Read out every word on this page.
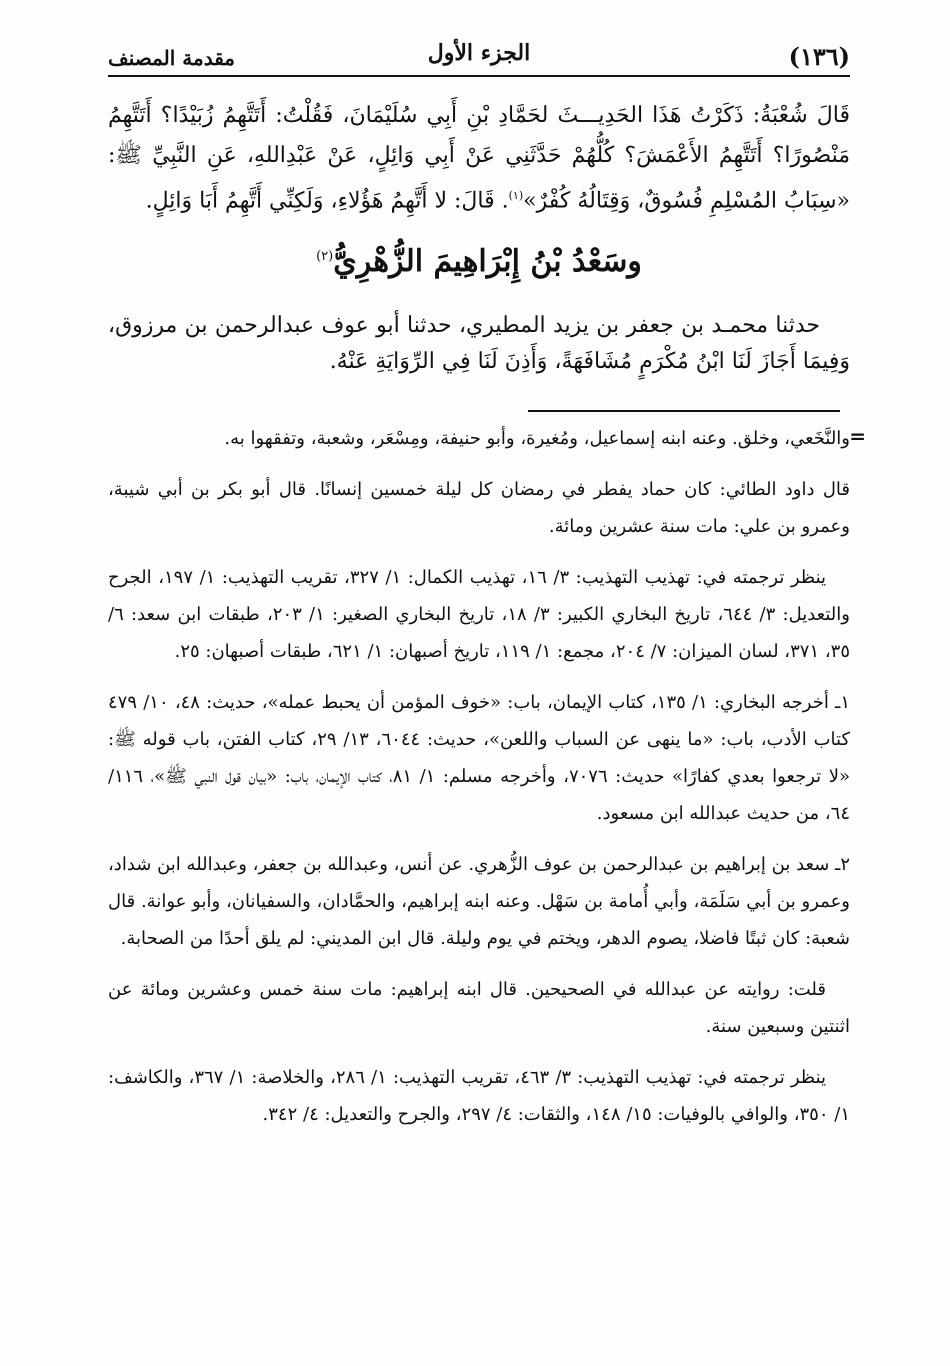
(١٣٦)
الجزء الأول
مقدمة المصنف

قَالَ شُعْبَةُ: ذَكَرْتُ هَذَا الحَدِيـــثَ لحَمَّادِ بْنِ أَبِي سُلَيْمَانَ، فَقُلْتُ: أَتَتَّهِمُ زُبَيْدًا؟ أَتَتَّهِمُ مَنْصُورًا؟ أَتَتَّهِمُ الأَعْمَشَ؟ كُلُّهُمْ حَدَّثَنِي عَنْ أَبِي وَائِلٍ، عَنْ عَبْدِاللهِ، عَنِ النَّبِيِّ ﷺ: «سِبَابُ المُسْلِمِ فُسُوقٌ، وَقِتَالُهُ كُفْرٌ»$^{(١)}$. قَالَ: لا أَتَّهِمُ هَؤُلاءِ، وَلَكِنِّي أَتَّهِمُ أَبَا وَائِلٍ.

وسَعْدُ بْنُ إِبْرَاهِيمَ الزُّهْرِيُّ$^{(٢)}$

حدثنا محمـد بن جعفر بن يزيد المطيري، حدثنا أبو عوف عبدالرحمن بن مرزوق، وَفِيمَا أَجَازَ لَنَا ابْنُ مُكْرَمٍ مُشَافَهَةً، وَأَذِنَ لَنَا فِي الرِّوَايَةِ عَنْهُ.

=

والنَّخَعي، وخلق. وعنه ابنه إسماعيل، ومُغيرة، وأبو حنيفة، ومِسْعَر، وشعبة، وتفقهوا به.

قال داود الطائي: كان حماد يفطر في رمضان كل ليلة خمسين إنسانًا. قال أبو بكر بن أبي شيبة، وعمرو بن علي: مات سنة عشرين ومائة.

ينظر ترجمته في: تهذيب التهذيب: ٣/ ١٦، تهذيب الكمال: ١/ ٣٢٧، تقريب التهذيب: ١/ ١٩٧، الجرح والتعديل: ٣/ ٦٤٤، تاريخ البخاري الكبير: ٣/ ١٨، تاريخ البخاري الصغير: ١/ ٢٠٣، طبقات ابن سعد: ٦/ ٣٥، ٣٧١، لسان الميزان: ٧/ ٢٠٤، مجمع: ١/ ١١٩، تاريخ أصبهان: ١/ ٦٢١، طبقات أصبهان: ٢٥.

١ـ أخرجه البخاري: ١/ ١٣٥، كتاب الإيمان، باب: «خوف المؤمن أن يحبط عمله»، حديث: ٤٨، ١٠/ ٤٧٩ كتاب الأدب، باب: «ما ينهى عن السباب واللعن»، حديث: ٦٠٤٤، ١٣/ ٢٩، كتاب الفتن، باب قوله ﷺ: «لا ترجعوا بعدي كفارًا» حديث: ٧٠٧٦، وأخرجه مسلم: ١/ ٨١، كتاب الإيمان، باب: «بيان قول النبي ﷺ»، ١١٦/ ٦٤، من حديث عبدالله ابن مسعود.

٢ـ سعد بن إبراهيم بن عبدالرحمن بن عوف الزُّهري. عن أنس، وعبدالله بن جعفر، وعبدالله ابن شداد، وعمرو بن أبي سَلَمَة، وأبي أُمامة بن سَهْل. وعنه ابنه إبراهيم، والحمَّادان، والسفيانان، وأبو عوانة. قال شعبة: كان ثبتًا فاضلا، يصوم الدهر، ويختم في يوم وليلة. قال ابن المديني: لم يلق أحدًا من الصحابة.

قلت: روايته عن عبدالله في الصحيحين. قال ابنه إبراهيم: مات سنة خمس وعشرين ومائة عن اثنتين وسبعين سنة.

ينظر ترجمته في: تهذيب التهذيب: ٣/ ٤٦٣، تقريب التهذيب: ١/ ٢٨٦، والخلاصة: ١/ ٣٦٧، والكاشف: ١/ ٣٥٠، والوافي بالوفيات: ١٥/ ١٤٨، والثقات: ٤/ ٢٩٧، والجرح والتعديل: ٤/ ٣٤٢.
